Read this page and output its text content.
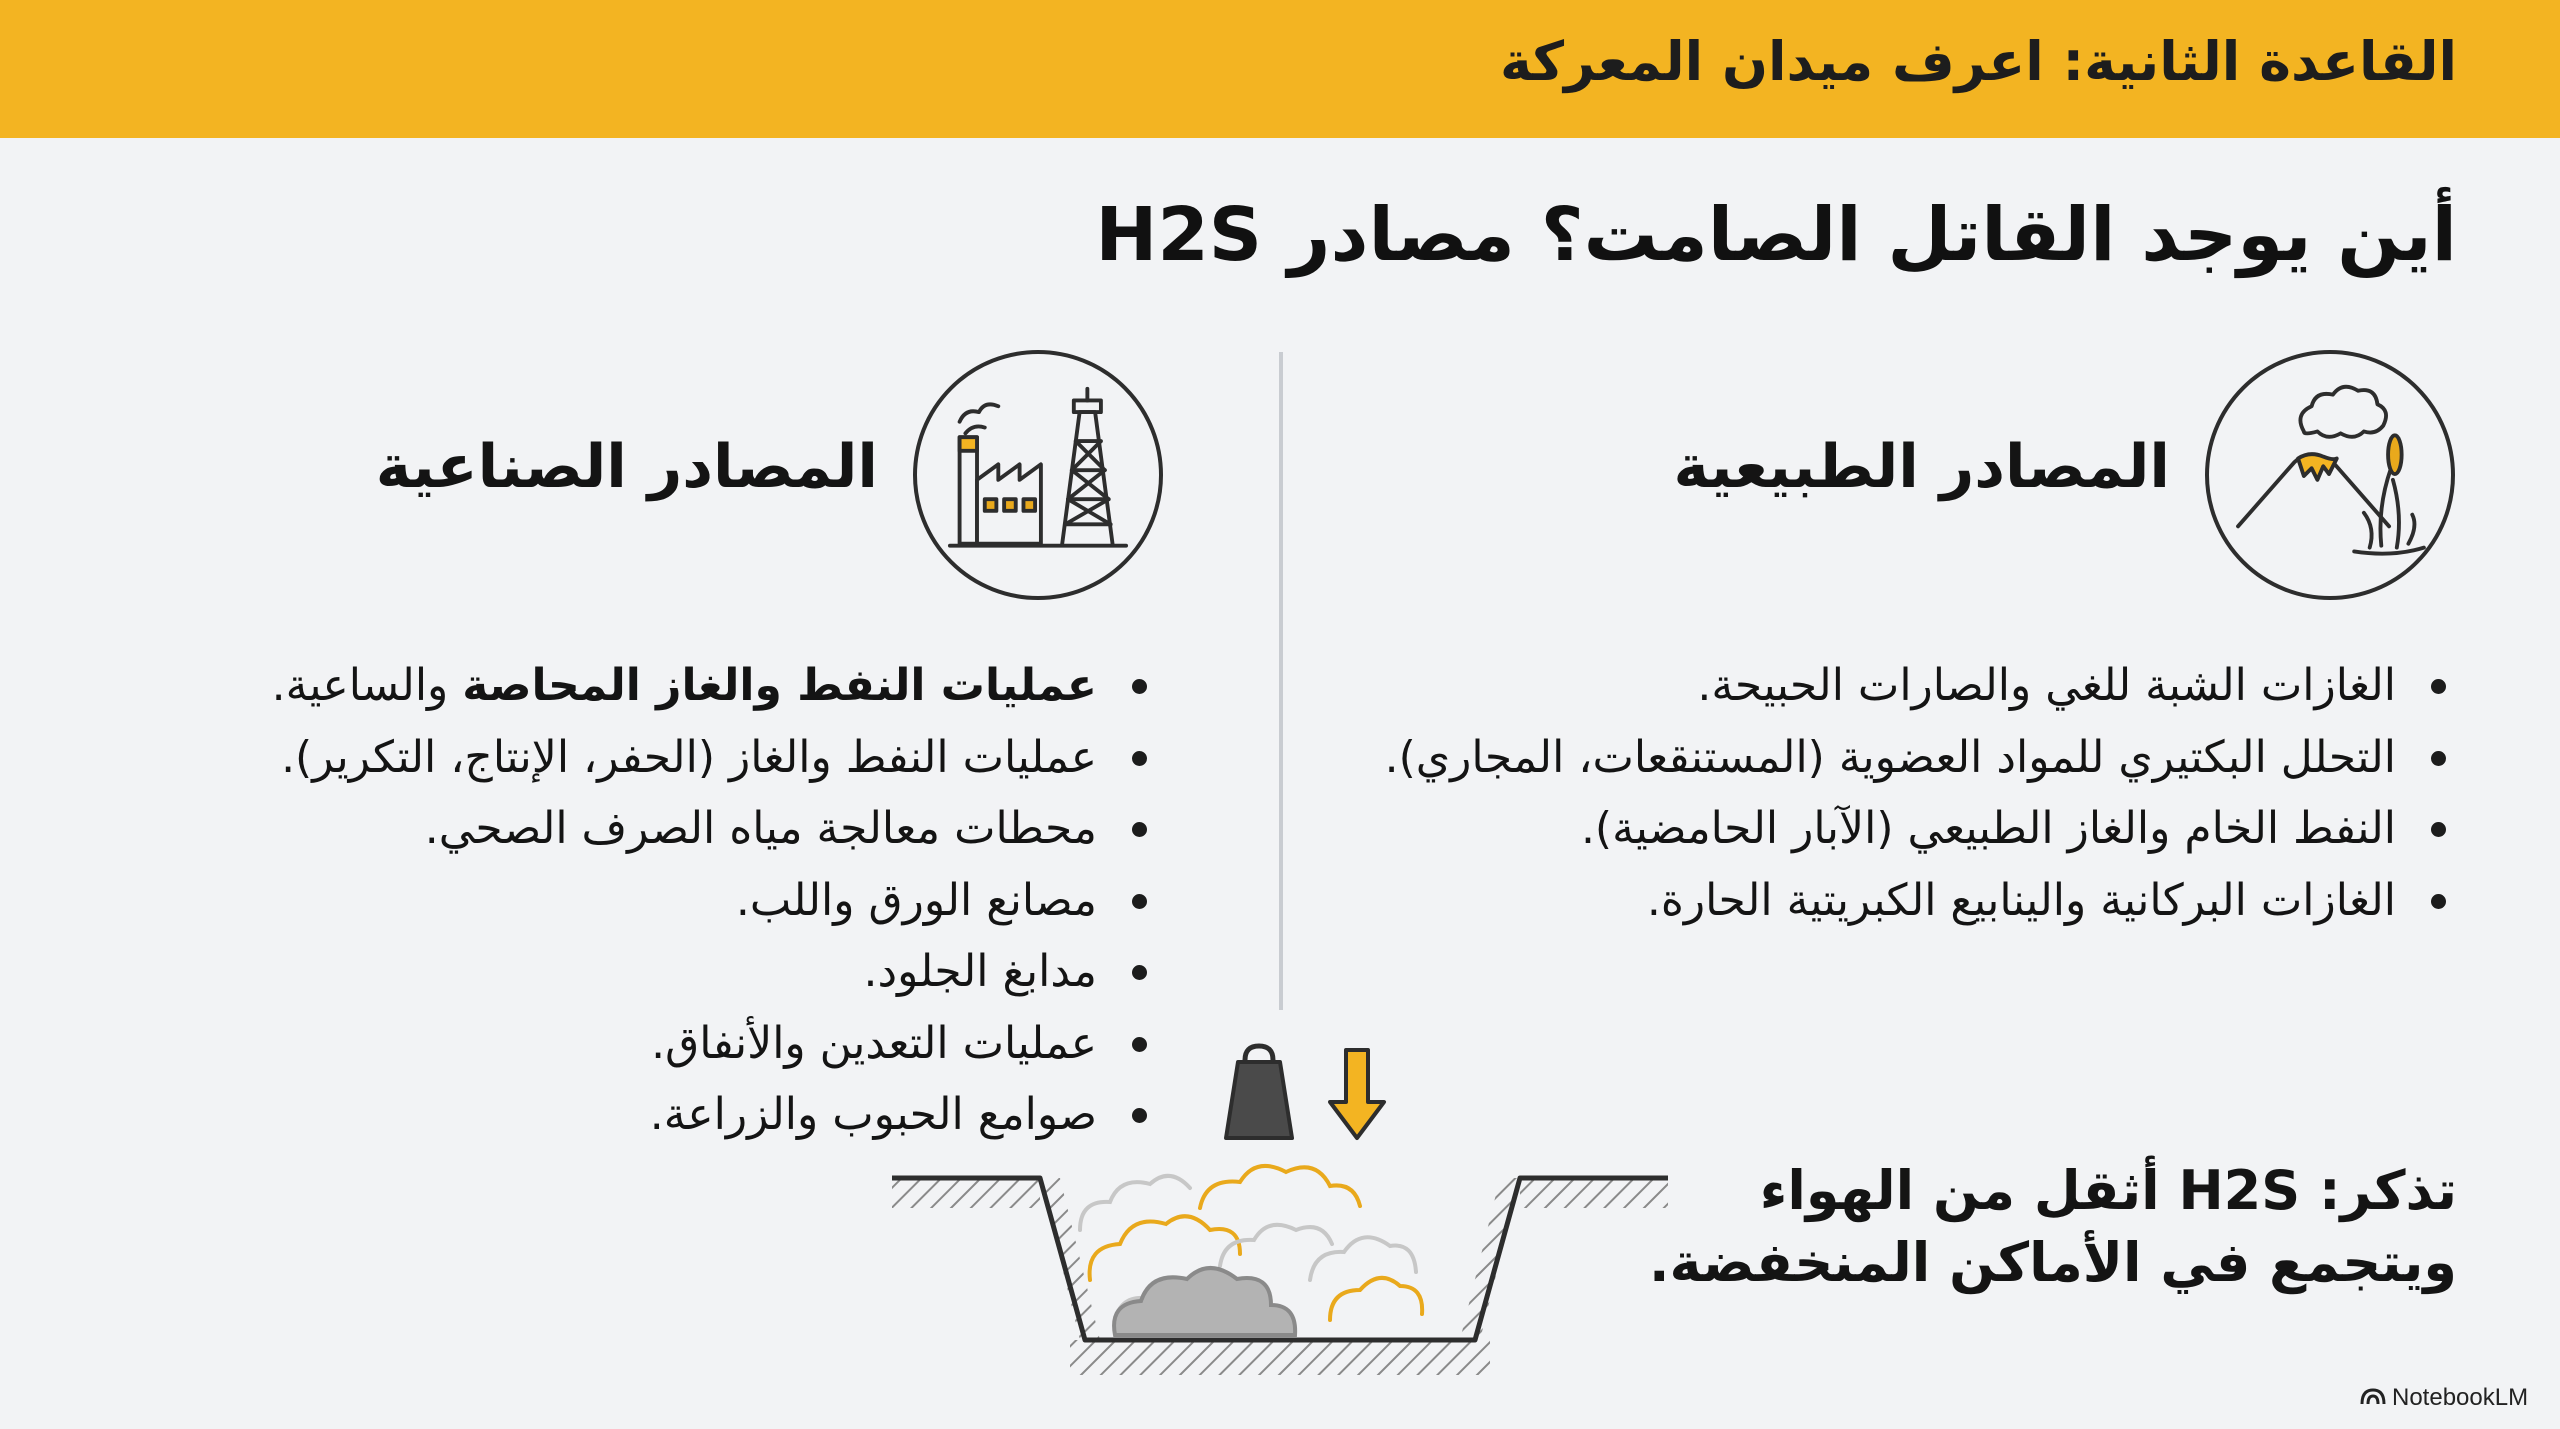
القاعدة الثانية: اعرف ميدان المعركة
أين يوجد القاتل الصامت؟ مصادر H2S
المصادر الطبيعية
المصادر الصناعية
الغازات الشبة للغي والصارات الحبيحة.
التحلل البكتيري للمواد العضوية (المستنقعات، المجاري).
النفط الخام والغاز الطبيعي (الآبار الحامضية).
الغازات البركانية والينابيع الكبريتية الحارة.
عمليات النفط والغاز المحاصة والساعية.
عمليات النفط والغاز (الحفر، الإنتاج، التكرير).
محطات معالجة مياه الصرف الصحي.
مصانع الورق واللب.
مدابغ الجلود.
عمليات التعدين والأنفاق.
صوامع الحبوب والزراعة.
تذكر: H2S أثقل من الهواء
ويتجمع في الأماكن المنخفضة.
NotebookLM
